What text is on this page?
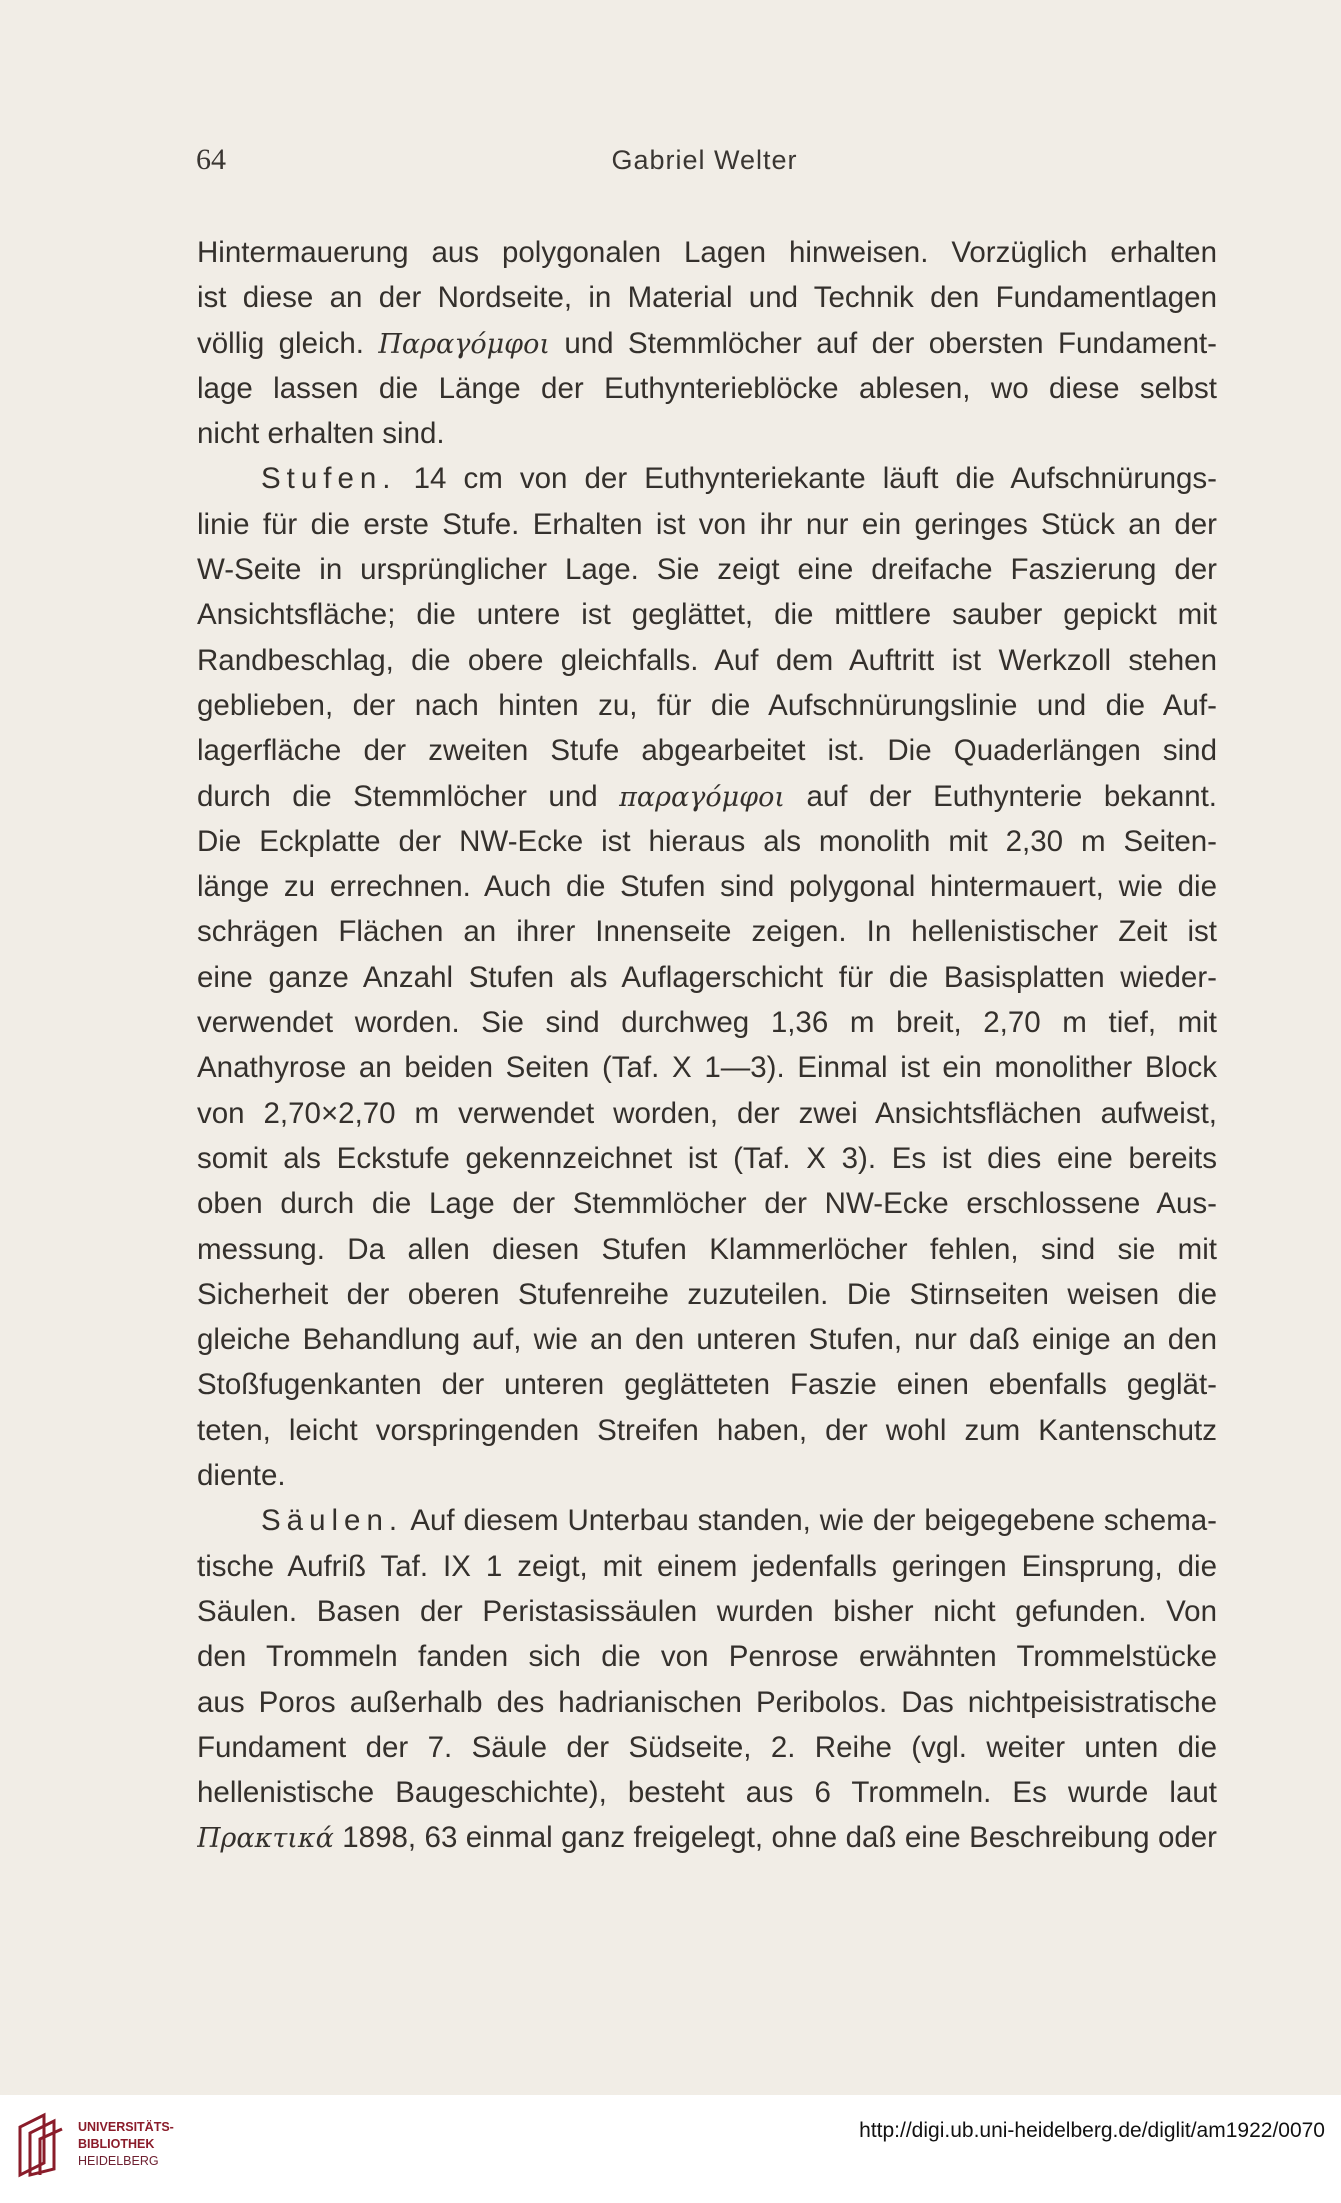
64	Gabriel Welter
Hintermauerung aus polygonalen Lagen hinweisen. Vorzüglich erhalten
ist diese an der Nordseite, in Material und Technik den Fundamentlagen
völlig gleich. Παραγόμφοι und Stemmlöcher auf der obersten Fundament-
lage lassen die Länge der Euthynterieblöcke ablesen, wo diese selbst
nicht erhalten sind.
Stufen. 14 cm von der Euthynteriekante läuft die Aufschnürungs-
linie für die erste Stufe. Erhalten ist von ihr nur ein geringes Stück an der
W-Seite in ursprünglicher Lage. Sie zeigt eine dreifache Faszierung der
Ansichtsfläche; die untere ist geglättet, die mittlere sauber gepickt mit
Randbeschlag, die obere gleichfalls. Auf dem Auftritt ist Werkzoll stehen
geblieben, der nach hinten zu, für die Aufschnürungslinie und die Auf-
lagerfläche der zweiten Stufe abgearbeitet ist. Die Quaderlängen sind
durch die Stemmlöcher und παραγόμφοι auf der Euthynterie bekannt.
Die Eckplatte der NW-Ecke ist hieraus als monolith mit 2,30 m Seiten-
länge zu errechnen. Auch die Stufen sind polygonal hintermauert, wie die
schrägen Flächen an ihrer Innenseite zeigen. In hellenistischer Zeit ist
eine ganze Anzahl Stufen als Auflagerschicht für die Basisplatten wieder-
verwendet worden. Sie sind durchweg 1,36 m breit, 2,70 m tief, mit
Anathyrose an beiden Seiten (Taf. X 1—3). Einmal ist ein monolither Block
von 2,70×2,70 m verwendet worden, der zwei Ansichtsflächen aufweist,
somit als Eckstufe gekennzeichnet ist (Taf. X 3). Es ist dies eine bereits
oben durch die Lage der Stemmlöcher der NW-Ecke erschlossene Aus-
messung. Da allen diesen Stufen Klammerlöcher fehlen, sind sie mit
Sicherheit der oberen Stufenreihe zuzuteilen. Die Stirnseiten weisen die
gleiche Behandlung auf, wie an den unteren Stufen, nur daß einige an den
Stoßfugenkanten der unteren geglätteten Faszie einen ebenfalls geglät-
teten, leicht vorspringenden Streifen haben, der wohl zum Kantenschutz
diente.
Säulen. Auf diesem Unterbau standen, wie der beigegebene schema-
tische Aufriß Taf. IX 1 zeigt, mit einem jedenfalls geringen Einsprung, die
Säulen. Basen der Peristasissäulen wurden bisher nicht gefunden. Von
den Trommeln fanden sich die von Penrose erwähnten Trommelstücke
aus Poros außerhalb des hadrianischen Peribolos. Das nichtpeisistratische
Fundament der 7. Säule der Südseite, 2. Reihe (vgl. weiter unten die
hellenistische Baugeschichte), besteht aus 6 Trommeln. Es wurde laut
Πρακτικά 1898, 63 einmal ganz freigelegt, ohne daß eine Beschreibung oder
UNIVERSITÄTS-
BIBLIOTHEK
HEIDELBERG
http://digi.ub.uni-heidelberg.de/diglit/am1922/0070
